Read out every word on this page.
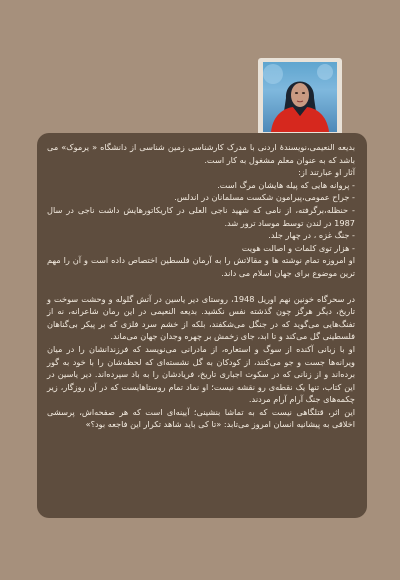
بدیعه النعیمی،نویسندۀ اردنی با مدرک کارشناسی زمین شناسی از دانشگاه « یرموک» می باشد که به عنوان معلم مشغول به کار است.

آثار او عبارتند از:

- پروانه هایی که پیله هایشان مرگ است.

- جراح عمومی،پیرامون شکست مسلمانان در اندلس.

- حنظله،برگرفته، از نامی که شهید ناجی العلی در کاریکاتورهایش داشت ناجی در سال 1987 در لندن توسط موساد ترور شد.

- جنگ غزه ، در چهار جلد.

- هزار توی کلمات و اصالت هویت

او امروزه تمام نوشته ها و مقالاتش را به آرمان فلسطین اختصاص داده است و آن را مهم ترین موضوع برای جهان اسلام می داند.

در سحرگاه خونین نهم اوریل 1948، روستای دیر یاسین در آتش گلوله و وحشت سوخت و تاریخ، دیگر هرگز چون گذشته نفس نکشید. بدیعه النعیمی در این رمان شاعرانه، نه از تفنگ‌هایی می‌گوید که در جنگل می‌شکفند، بلکه از خشم سرد فلزی که بر پیکر بی‌گناهان فلسطینی گل می‌کند و تا ابد، جای زخمش بر چهره وجدان جهان می‌ماند.

او با زبانی آکنده از سوگ و استعاره، از مادرانی می‌نویسد که فرزندانشان را در میان ویرانه‌ها جست و جو می‌کنند، از کودکان به گل نشسته‌ای که لحظه‌شان را با خود به گور برده‌اند و از زنانی که در سکوت اجباری تاریخ، فریادشان را به باد سپرده‌اند. دیر یاسین در این کتاب، تنها یک نقطه‌ی رو نقشه نیست؛ او نماد تمام روستاهایست که در آن روزگار، زیر چکمه‌های جنگ آرام آرام مردند.

این اثر، قتلگاهی نیست که به تماشا بنشینی؛ آیینه‌ای است که هر صفحه‌اش، پرسشی اخلاقی به پیشانیه انسان امروز می‌تابد: «تا کی باید شاهد تکرار این فاجعه بود؟»
